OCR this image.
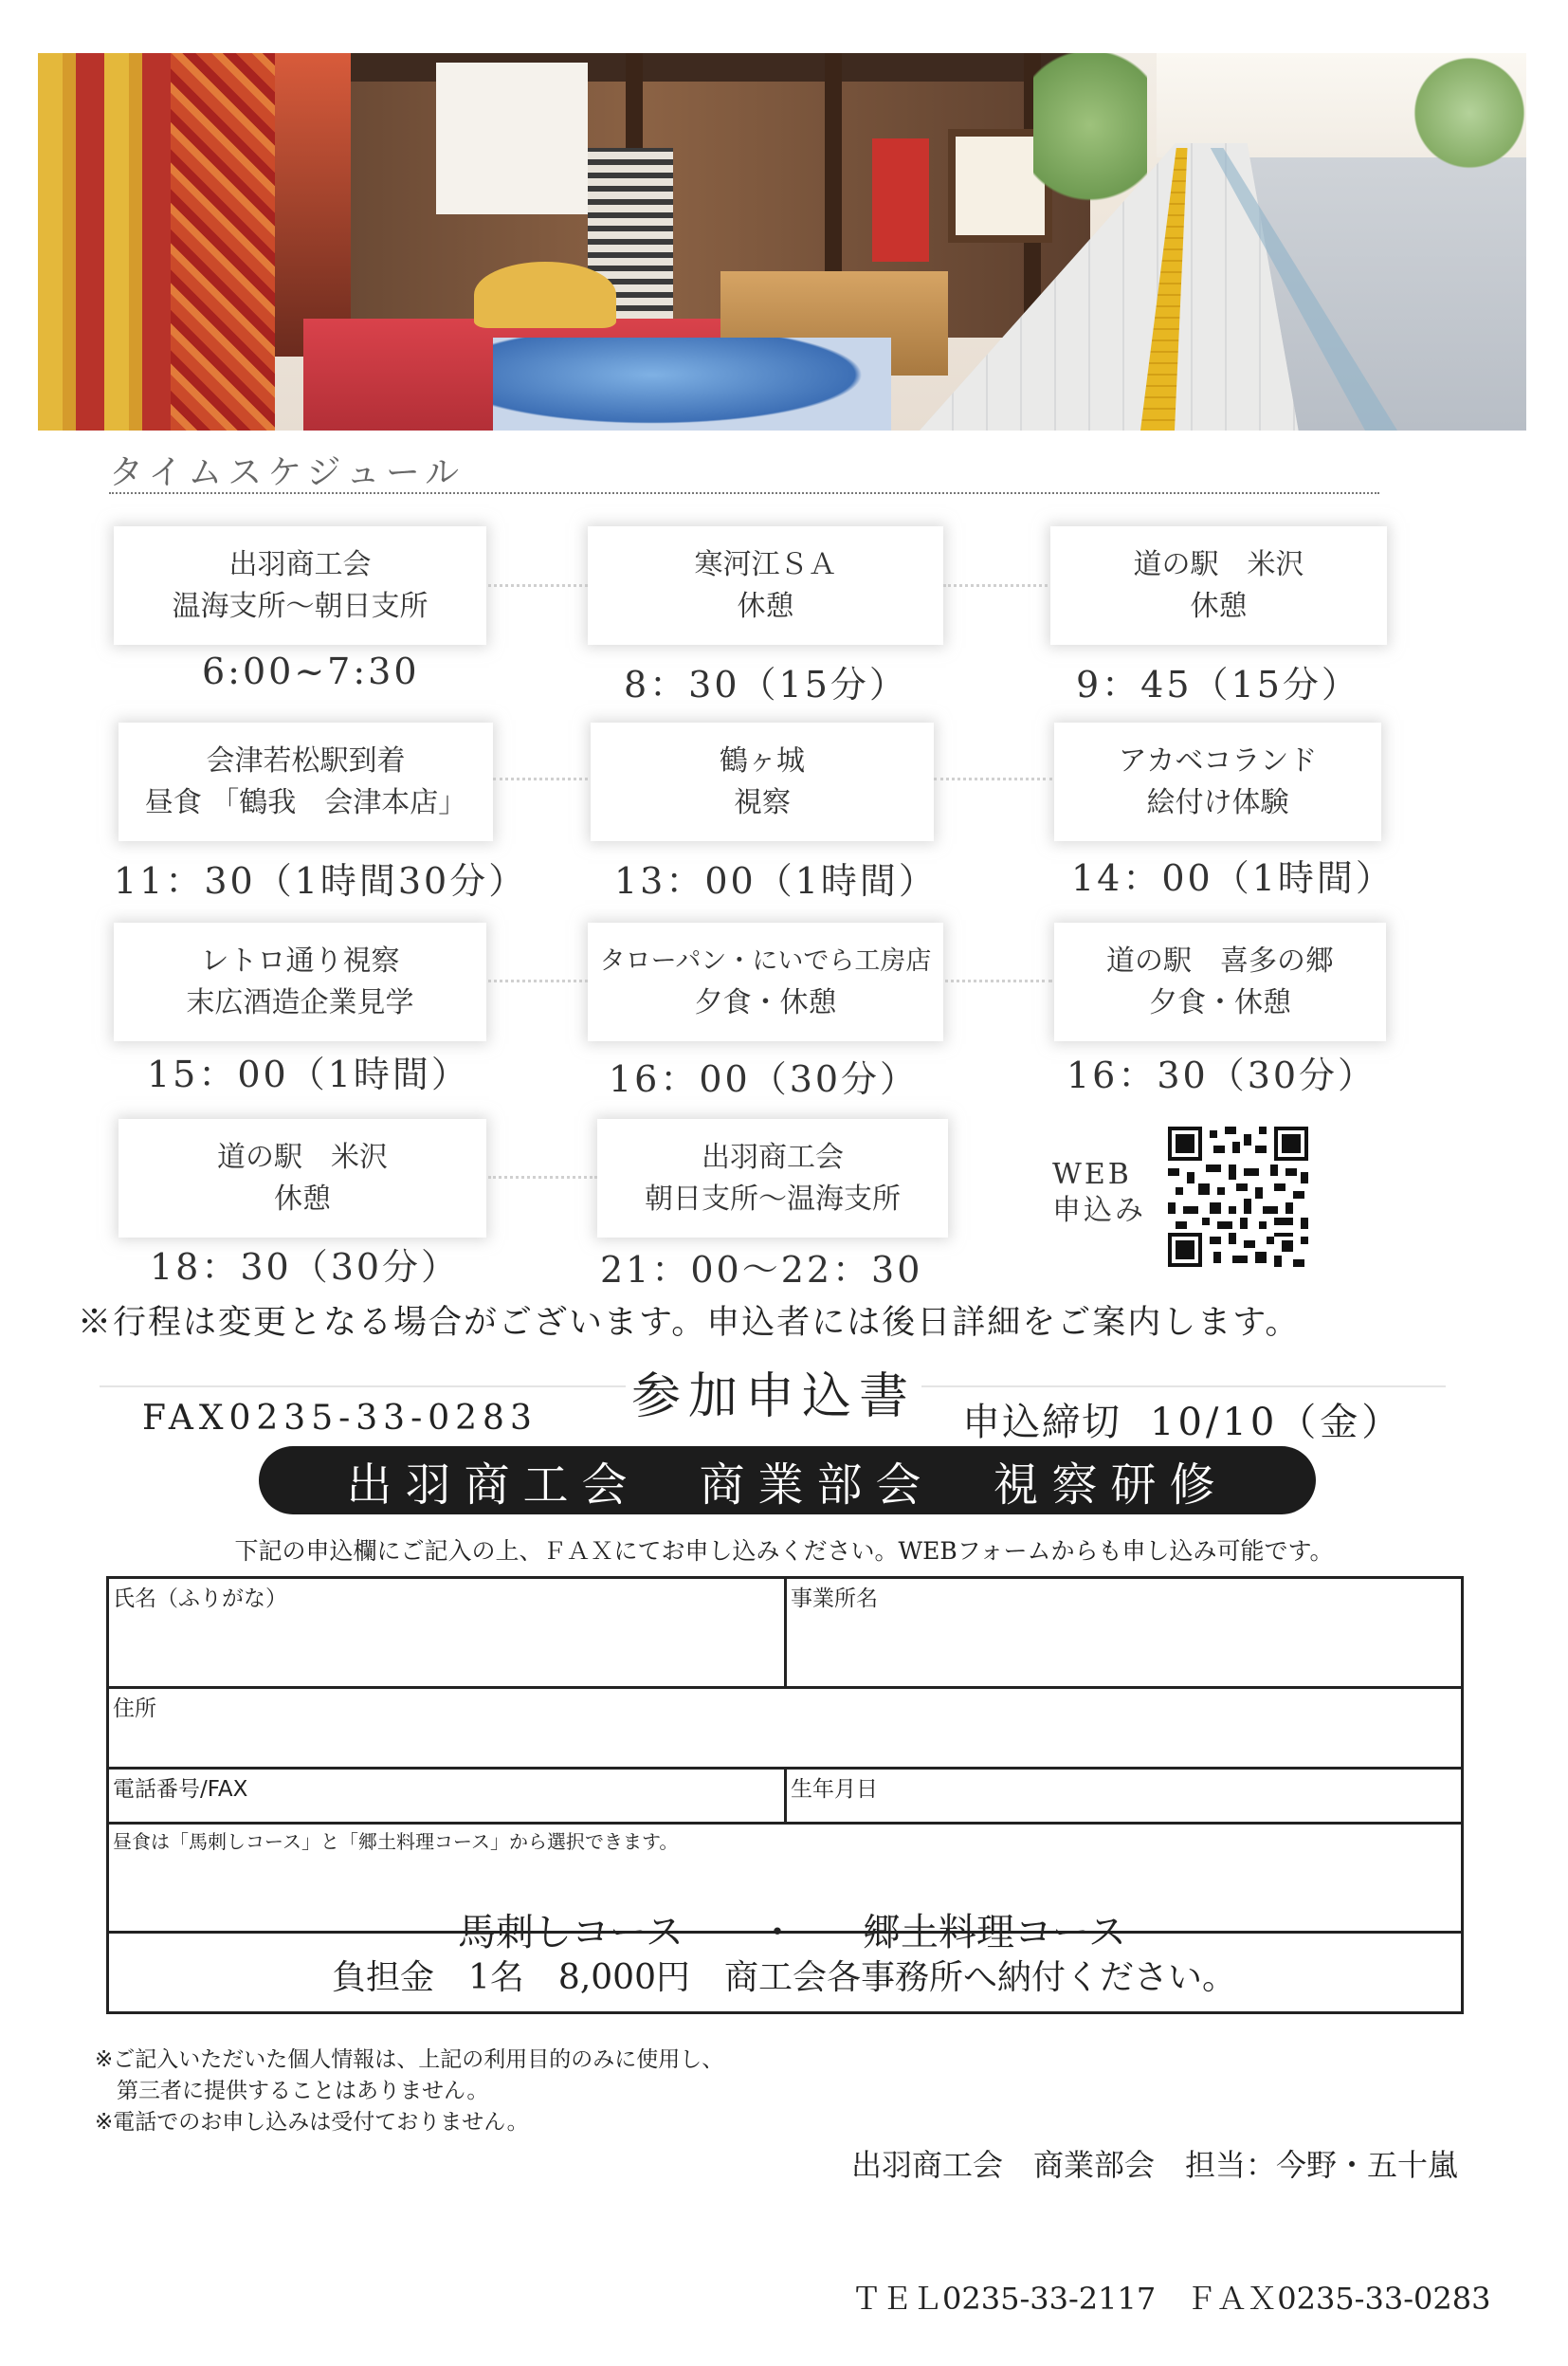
タイムスケジュール
出羽商工会
温海支所～朝日支所
6:00~7:30
寒河江ＳＡ
休憩
8：30（15分）
道の駅　米沢
休憩
9：45（15分）
会津若松駅到着
昼食 「鶴我　会津本店」
11：30（1時間30分）
鶴ヶ城
視察
13：00（1時間）
アカベコランド
絵付け体験
14：00（1時間）
レトロ通り視察
末広酒造企業見学
15：00（1時間）
タローパン・にいでら工房店
夕食・休憩
16：00（30分）
道の駅　喜多の郷
夕食・休憩
16：30（30分）
道の駅　米沢
休憩
18：30（30分）
出羽商工会
朝日支所～温海支所
21：00～22：30
WEB
申込み
※行程は変更となる場合がございます。申込者には後日詳細をご案内します。
参加申込書
FAX0235-33-0283	申込締切 10/10（金）
出羽商工会　商業部会　視察研修
下記の申込欄にご記入の上、ＦＡＸにてお申し込みください。WEBフォームからも申し込み可能です。
氏名（ふりがな）	事業所名
住所
電話番号/FAX	生年月日
昼食は「馬刺しコース」と「郷土料理コース」から選択できます。
馬刺しコース ・ 郷土料理コース
負担金　1名　8,000円　商工会各事務所へ納付ください。
※ご記入いただいた個人情報は、上記の利用目的のみに使用し、
　第三者に提供することはありません。
※電話でのお申し込みは受付ておりません。

出羽商工会　商業部会　担当：今野・五十嵐

ＴＥＬ0235-33-2117　ＦＡＸ0235-33-0283
